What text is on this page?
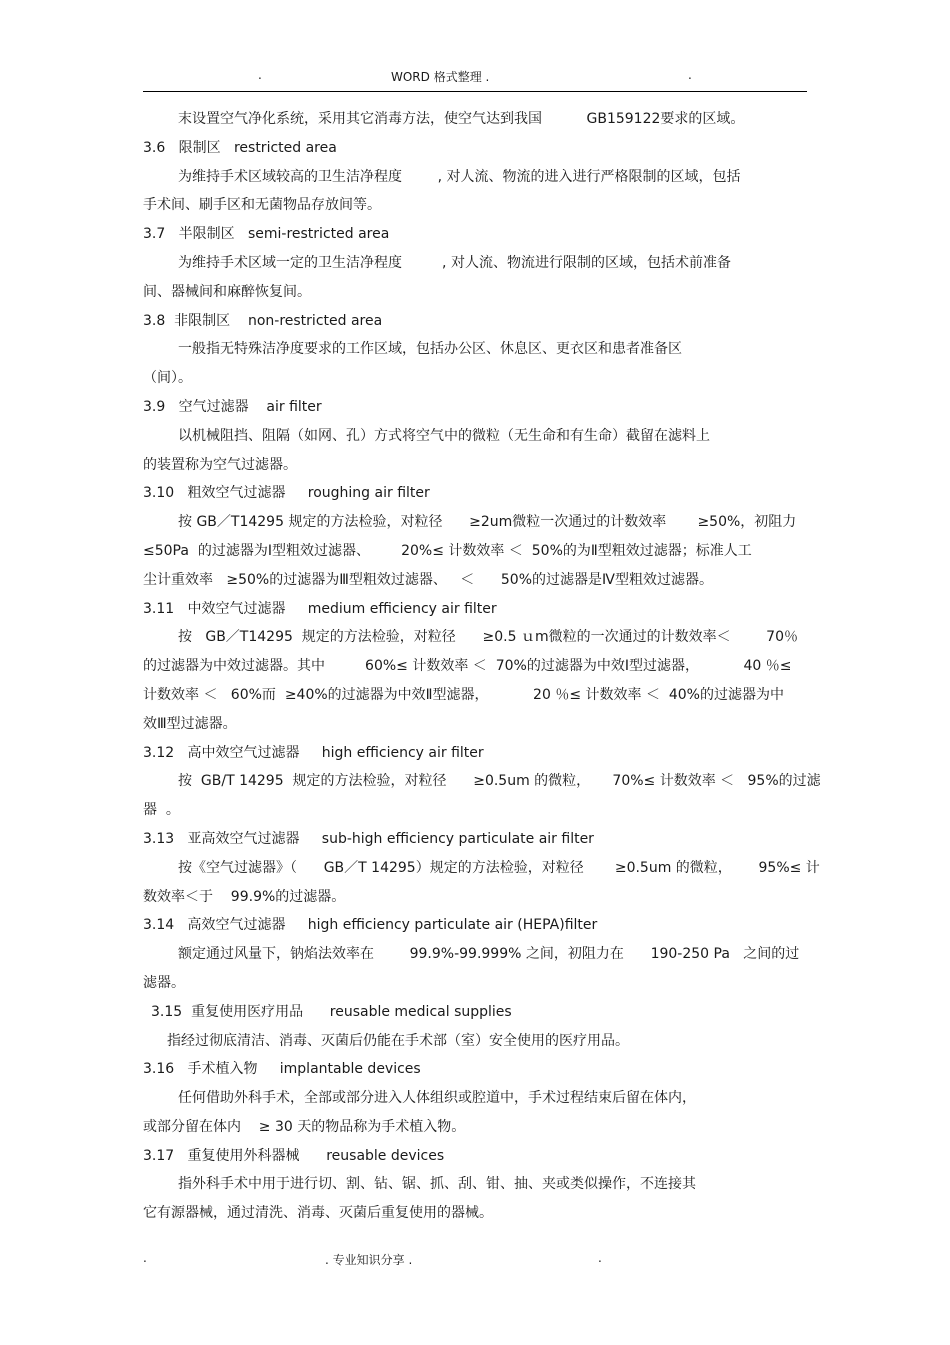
.	WORD 格式整理 .	.
末设置空气净化系统，采用其它消毒方法，使空气达到我国          GB159122要求的区域。
3.6   限制区   restricted area
为维持手术区域较高的卫生洁净程度        , 对人流、物流的进入进行严格限制的区域，包括
手术间、刷手区和无菌物品存放间等。
3.7   半限制区   semi-restricted area
为维持手术区域一定的卫生洁净程度         , 对人流、物流进行限制的区域，包括术前准备
间、器械间和麻醉恢复间。
3.8  非限制区    non-restricted area
一般指无特殊洁净度要求的工作区域，包括办公区、休息区、更衣区和患者准备区
（间）。
3.9   空气过滤器    air filter
以机械阻挡、阻隔（如网、孔）方式将空气中的微粒（无生命和有生命）截留在滤料上
的装置称为空气过滤器。
3.10   粗效空气过滤器     roughing air filter
按 GB／T14295 规定的方法检验，对粒径      ≥2um微粒一次通过的计数效率       ≥50%，初阻力
≤50Pa  的过滤器为Ⅰ型粗效过滤器、       20%≤ 计数效率 ＜  50%的为Ⅱ型粗效过滤器；标准人工
尘计重效率   ≥50%的过滤器为Ⅲ型粗效过滤器、   ＜      50%的过滤器是Ⅳ型粗效过滤器。
3.11   中效空气过滤器     medium efficiency air filter
按   GB／T14295  规定的方法检验，对粒径      ≥0.5 ｕm微粒的一次通过的计数效率＜        70％
的过滤器为中效过滤器。其中         60%≤ 计数效率 ＜  70%的过滤器为中效Ⅰ型过滤器，          40 ％≤
计数效率 ＜   60%而  ≥40%的过滤器为中效Ⅱ型滤器，          20 ％≤ 计数效率 ＜  40%的过滤器为中
效Ⅲ型过滤器。
3.12   高中效空气过滤器     high efficiency air filter
按  GB/T 14295  规定的方法检验，对粒径      ≥0.5um 的微粒，     70%≤ 计数效率 ＜   95%的过滤
器  。
3.13   亚高效空气过滤器     sub-high efficiency particulate air filter
按《空气过滤器》（      GB／T 14295）规定的方法检验，对粒径       ≥0.5um 的微粒，      95%≤ 计
数效率＜于    99.9%的过滤器。
3.14   高效空气过滤器     high efficiency particulate air (HEPA)filter
额定通过风量下，钠焰法效率在        99.9%-99.999% 之间，初阻力在      190-250 Pa   之间的过
滤器。
3.15  重复使用医疗用品      reusable medical supplies
指经过彻底清洁、消毒、灭菌后仍能在手术部（室）安全使用的医疗用品。
3.16   手术植入物     implantable devices
任何借助外科手术，全部或部分进入人体组织或腔道中，手术过程结束后留在体内，
或部分留在体内    ≥ 30 天的物品称为手术植入物。
3.17   重复使用外科器械      reusable devices
指外科手术中用于进行切、割、钻、锯、抓、刮、钳、抽、夹或类似操作，不连接其
它有源器械，通过清洗、消毒、灭菌后重复使用的器械。
.	. 专业知识分享 .	.
